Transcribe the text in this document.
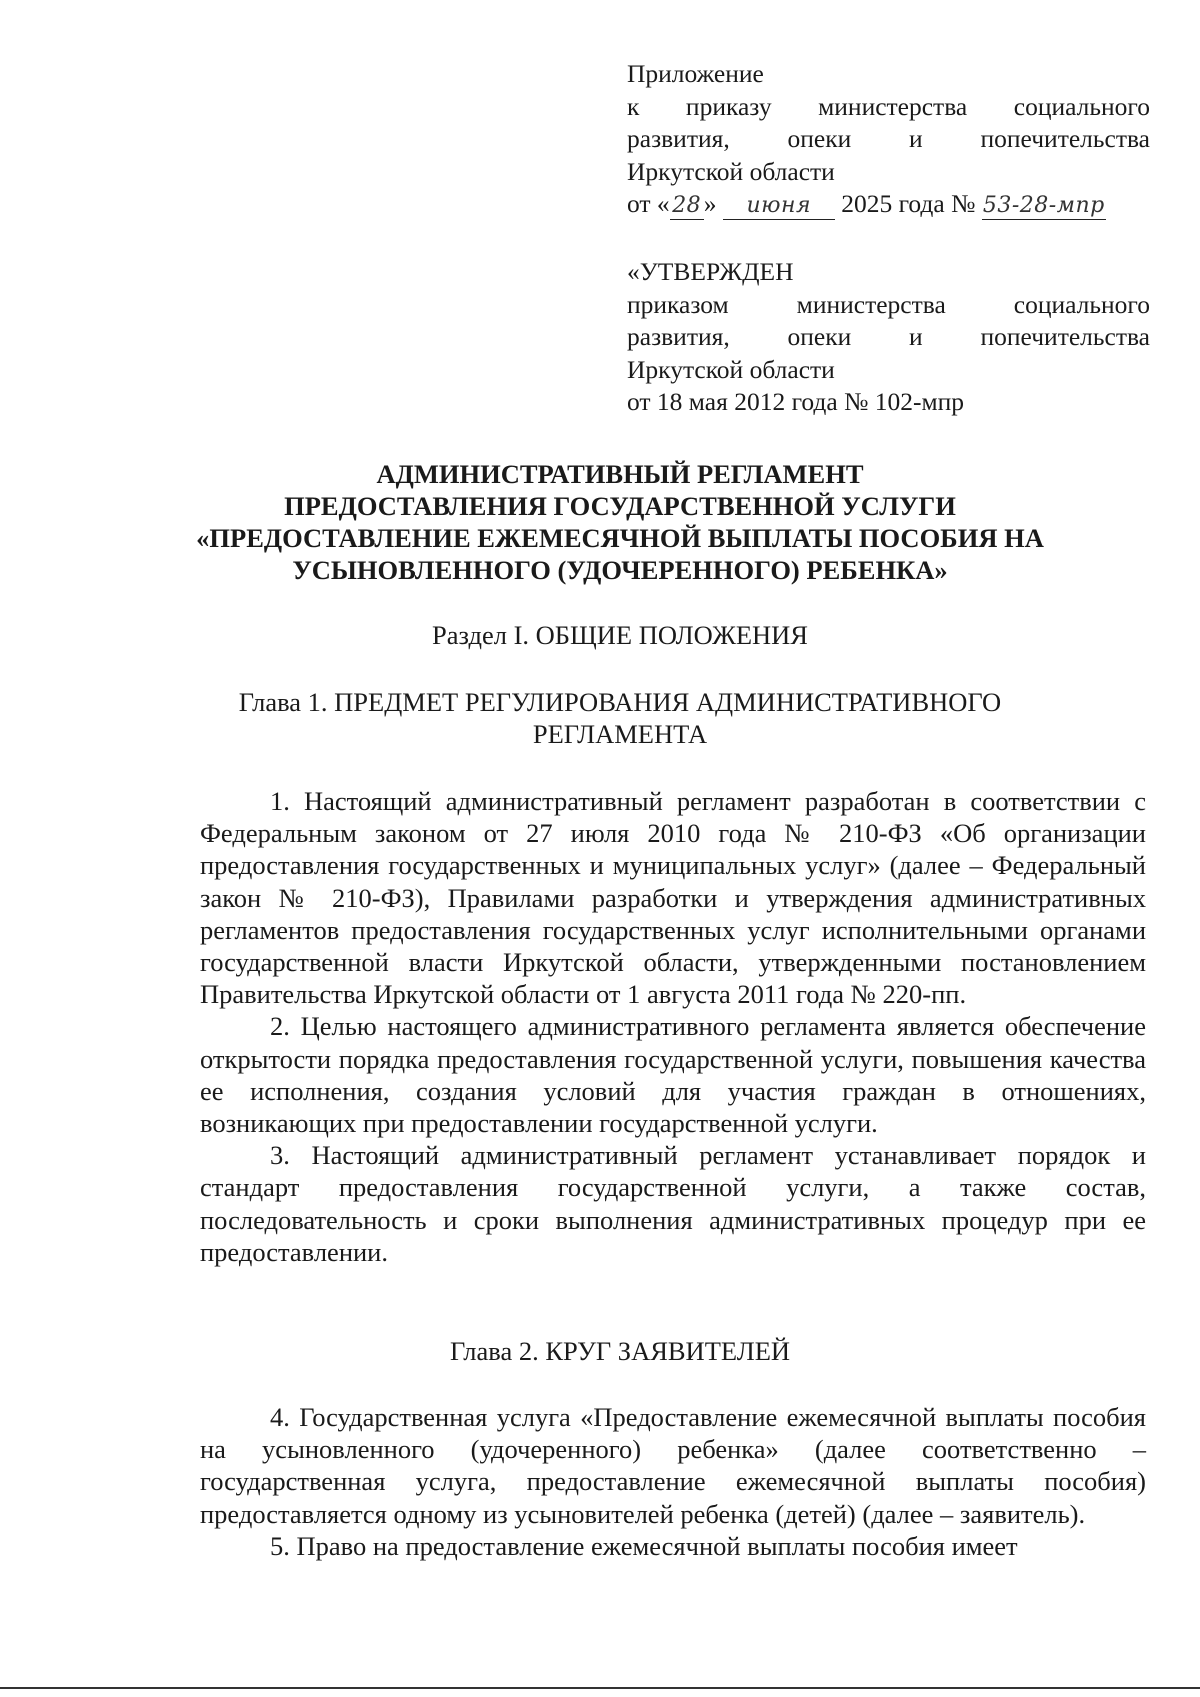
Приложение
к приказу министерства социального
развития, опеки и попечительства
Иркутской области
от « 28» июня 2025 года № 53-28-мпр
«УТВЕРЖДЕН
приказом министерства социального
развития, опеки и попечительства
Иркутской области
от 18 мая 2012 года № 102-мпр
АДМИНИСТРАТИВНЫЙ РЕГЛАМЕНТ
ПРЕДОСТАВЛЕНИЯ ГОСУДАРСТВЕННОЙ УСЛУГИ
«ПРЕДОСТАВЛЕНИЕ ЕЖЕМЕСЯЧНОЙ ВЫПЛАТЫ ПОСОБИЯ НА
УСЫНОВЛЕННОГО (УДОЧЕРЕННОГО) РЕБЕНКА»
Раздел I. ОБЩИЕ ПОЛОЖЕНИЯ
Глава 1. ПРЕДМЕТ РЕГУЛИРОВАНИЯ АДМИНИСТРАТИВНОГО
РЕГЛАМЕНТА

1. Настоящий административный регламент разработан в соответствии с Федеральным законом от 27 июля 2010 года № 210-ФЗ «Об организации предоставления государственных и муниципальных услуг» (далее – Федеральный закон № 210-ФЗ), Правилами разработки и утверждения административных регламентов предоставления государственных услуг исполнительными органами государственной власти Иркутской области, утвержденными постановлением Правительства Иркутской области от 1 августа 2011 года № 220-пп.

2. Целью настоящего административного регламента является обеспечение открытости порядка предоставления государственной услуги, повышения качества ее исполнения, создания условий для участия граждан в отношениях, возникающих при предоставлении государственной услуги.

3. Настоящий административный регламент устанавливает порядок и стандарт предоставления государственной услуги, а также состав, последовательность и сроки выполнения административных процедур при ее предоставлении.

Глава 2. КРУГ ЗАЯВИТЕЛЕЙ

4. Государственная услуга «Предоставление ежемесячной выплаты пособия на усыновленного (удочеренного) ребенка» (далее соответственно – государственная услуга, предоставление ежемесячной выплаты пособия) предоставляется одному из усыновителей ребенка (детей) (далее – заявитель).

5. Право на предоставление ежемесячной выплаты пособия имеет
